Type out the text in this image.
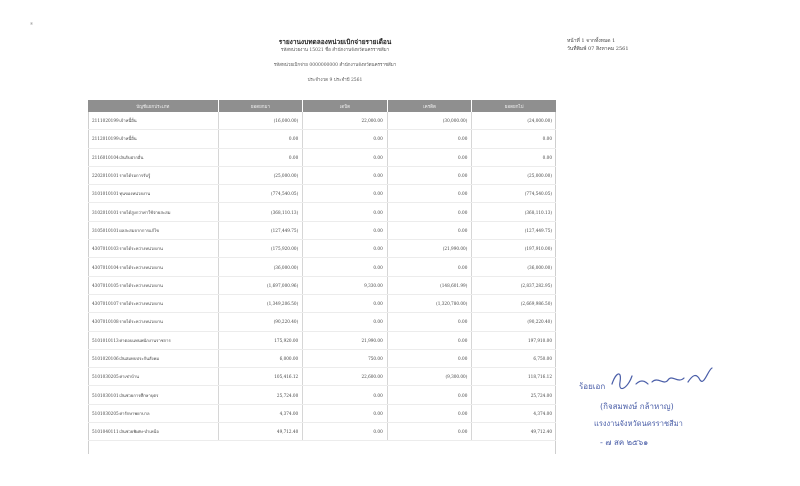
*
หน้าที่ 1 จากทั้งหมด 1
วันที่พิมพ์ 07 สิงหาคม 2561
รายงานงบทดลองหน่วยเบิกจ่ายรายเดือน
รหัสหน่วยงาน 15021 ชื่อ สำนักงานจังหวัดนครราชสีมา
รหัสหน่วยเบิกจ่าย 0000000000 สำนักงานจังหวัดนครราชสีมา
ประจำงวด 9 ประจำปี 2561
บัญชีแยกประเภท	ยอดยกมา	เดบิต	เครดิต	ยอดยกไป
2111020199 เจ้าหนี้อื่น	(16,000.00)	22,000.00	(30,000.00)	(24,000.00)
2112010199 เจ้าหนี้อื่น	0.00	0.00	0.00	0.00
2116010104 เงินรับฝากอื่น	0.00	0.00	0.00	0.00
2202010101 รายได้รอการรับรู้	(25,000.00)	0.00	0.00	(25,000.00)
3101010101 ทุนของหน่วยงาน	(774,540.05)	0.00	0.00	(774,540.05)
3102010101 รายได้สูงกว่าค่าใช้จ่ายสะสม	(368,110.13)	0.00	0.00	(368,110.13)
3105010101 ผลสะสมจากการแก้ไข	(127,449.75)	0.00	0.00	(127,449.75)
4307010103 รายได้ระหว่างหน่วยงาน	(175,920.00)	0.00	(21,990.00)	(197,910.00)
4307010104 รายได้ระหว่างหน่วยงาน	(36,000.00)	0.00	0.00	(36,000.00)
4307010105 รายได้ระหว่างหน่วยงาน	(1,697,000.96)	9,330.00	(148,601.99)	(2,837,282.95)
4307010107 รายได้ระหว่างหน่วยงาน	(1,349,206.50)	0.00	(1,320,780.00)	(2,669,986.50)
4307010108 รายได้ระหว่างหน่วยงาน	(90,220.40)	0.00	0.00	(90,220.40)
5101010113 ค่าตอบแทนพนักงานราชการ	175,920.00	21,990.00	0.00	197,910.00
5101020106 เงินสมทบประกันสังคม	6,000.00	750.00	0.00	6,750.00
5101030205 ค่าเช่าบ้าน	105,416.12	22,600.00	(9,300.00)	118,716.12
5101030101 เงินช่วยการศึกษาบุตร	25,724.00	0.00	0.00	25,724.00
5101030205 ค่ารักษาพยาบาล	4,374.00	0.00	0.00	4,374.00
5101040111 เงินช่วยพิเศษ-บำเหน็จ	49,712.40	0.00	0.00	49,712.40
ร้อยเอก
(กิจสมพงษ์ กล้าหาญ)
แรงงานจังหวัดนครราชสีมา
- ๗ สค ๒๕๖๑
